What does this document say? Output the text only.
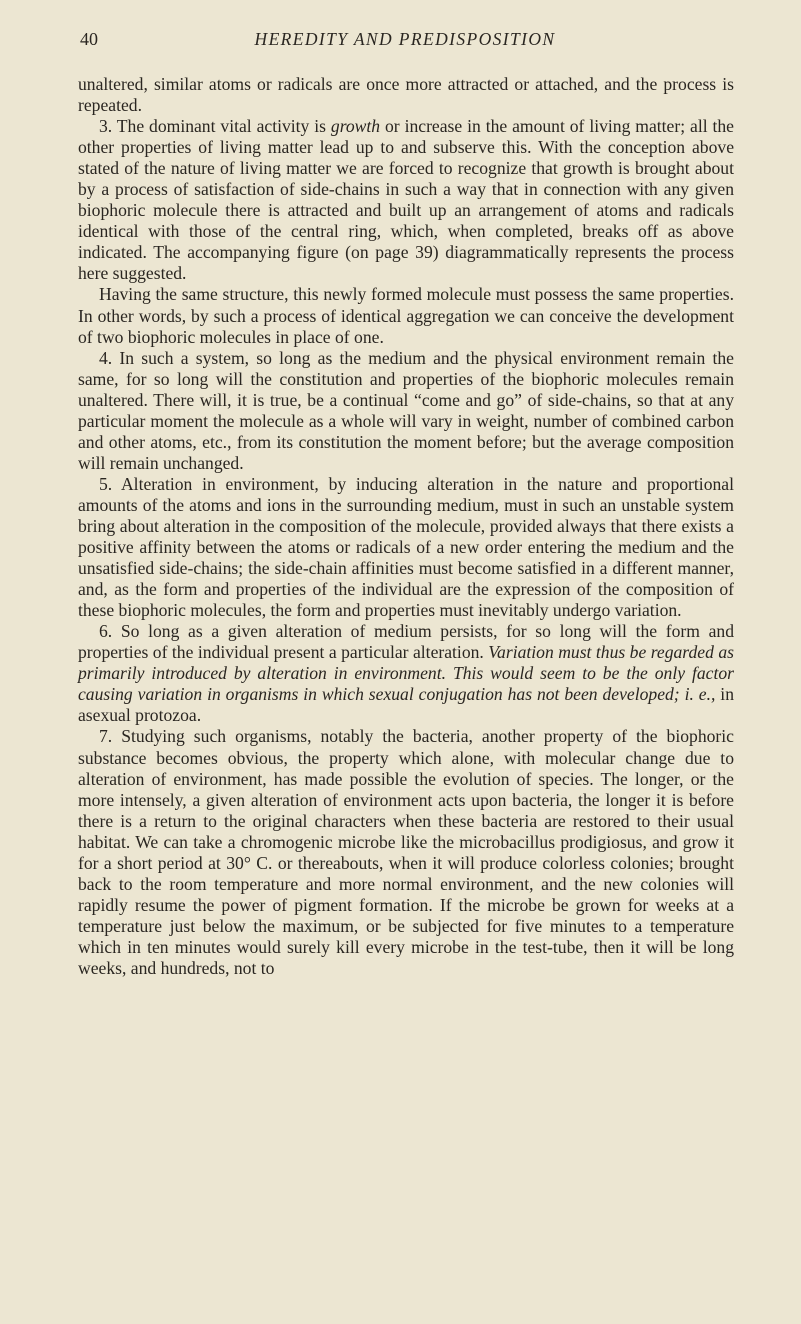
40	HEREDITY AND PREDISPOSITION

unaltered, similar atoms or radicals are once more attracted or attached, and the process is repeated.

3. The dominant vital activity is growth or increase in the amount of living matter; all the other properties of living matter lead up to and subserve this. With the conception above stated of the nature of living matter we are forced to recognize that growth is brought about by a process of satisfaction of side-chains in such a way that in connection with any given biophoric molecule there is attracted and built up an arrangement of atoms and radicals identical with those of the central ring, which, when completed, breaks off as above indicated. The accompanying figure (on page 39) diagrammatically represents the process here suggested.

Having the same structure, this newly formed molecule must possess the same properties. In other words, by such a process of identical aggregation we can conceive the development of two biophoric molecules in place of one.

4. In such a system, so long as the medium and the physical environment remain the same, for so long will the constitution and properties of the biophoric molecules remain unaltered. There will, it is true, be a continual “come and go” of side-chains, so that at any particular moment the molecule as a whole will vary in weight, number of combined carbon and other atoms, etc., from its constitution the moment before; but the average composition will remain unchanged.

5. Alteration in environment, by inducing alteration in the nature and proportional amounts of the atoms and ions in the surrounding medium, must in such an unstable system bring about alteration in the composition of the molecule, provided always that there exists a positive affinity between the atoms or radicals of a new order entering the medium and the unsatisfied side-chains; the side-chain affinities must become satisfied in a different manner, and, as the form and properties of the individual are the expression of the composition of these biophoric molecules, the form and properties must inevitably undergo variation.

6. So long as a given alteration of medium persists, for so long will the form and properties of the individual present a particular alteration. Variation must thus be regarded as primarily introduced by alteration in environment. This would seem to be the only factor causing variation in organisms in which sexual conjugation has not been developed; i. e., in asexual protozoa.

7. Studying such organisms, notably the bacteria, another property of the biophoric substance becomes obvious, the property which alone, with molecular change due to alteration of environment, has made possible the evolution of species. The longer, or the more intensely, a given alteration of environment acts upon bacteria, the longer it is before there is a return to the original characters when these bacteria are restored to their usual habitat. We can take a chromogenic microbe like the microbacillus prodigiosus, and grow it for a short period at 30° C. or thereabouts, when it will produce colorless colonies; brought back to the room temperature and more normal environment, and the new colonies will rapidly resume the power of pigment formation. If the microbe be grown for weeks at a temperature just below the maximum, or be subjected for five minutes to a temperature which in ten minutes would surely kill every microbe in the test-tube, then it will be long weeks, and hundreds, not to
